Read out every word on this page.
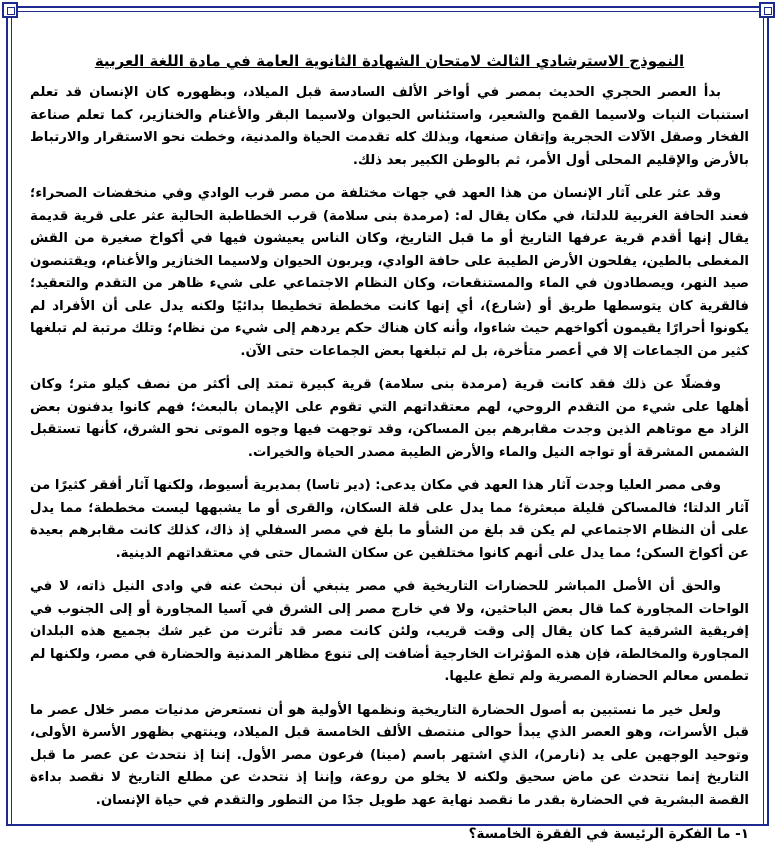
النموذج الاسترشادي الثالث لامتحان الشهادة الثانوية العامة في مادة اللغة العربية

بدأ العصر الحجري الحديث بمصر في أواخر الألف السادسة قبل الميلاد، وبظهوره كان الإنسان قد تعلم استنبات النبات ولاسيما القمح والشعير، واستئناس الحيوان ولاسيما البقر والأغنام والخنازير، كما تعلم صناعة الفخار وصقل الآلات الحجرية وإتقان صنعها، وبذلك كله تقدمت الحياة والمدنية، وخطت نحو الاستقرار والارتباط بالأرض والإقليم المحلى أول الأمر، ثم بالوطن الكبير بعد ذلك.

وقد عثر على آثار الإنسان من هذا العهد في جهات مختلفة من مصر قرب الوادي وفي منخفضات الصحراء؛ فعند الحافة الغربية للدلتا، في مكان يقال له: (مرمدة بنى سلامة) قرب الخطاطبة الحالية عثر على قرية قديمة يقال إنها أقدم قرية عرفها التاريخ أو ما قبل التاريخ، وكان الناس يعيشون فيها في أكواخ صغيرة من القش المغطى بالطين، يفلحون الأرض الطيبة على حافة الوادي، ويربون الحيوان ولاسيما الخنازير والأغنام، ويقتنصون صيد النهر، ويصطادون في الماء والمستنقعات، وكان النظام الاجتماعي على شيء ظاهر من التقدم والتعقيد؛ فالقرية كان يتوسطها طريق أو (شارع)، أي إنها كانت مخططة تخطيطا بدائيًا ولكنه يدل على أن الأفراد لم يكونوا أحرارًا يقيمون أكواخهم حيث شاءوا، وأنه كان هناك حكم يردهم إلى شيء من نظام؛ وتلك مرتبة لم تبلغها كثير من الجماعات إلا في أعصر متأخرة، بل لم تبلغها بعض الجماعات حتى الآن.

وفضلًا عن ذلك فقد كانت قرية (مرمدة بنى سلامة) قرية كبيرة تمتد إلى أكثر من نصف كيلو متر؛ وكان أهلها على شيء من التقدم الروحي، لهم معتقداتهم التي تقوم على الإيمان بالبعث؛ فهم كانوا يدفنون بعض الزاد مع موتاهم الذين وجدت مقابرهم بين المساكن، وقد توجهت فيها وجوه الموتى نحو الشرق، كأنها تستقبل الشمس المشرقة أو تواجه النيل والماء والأرض الطيبة مصدر الحياة والخيرات.

وفى مصر العليا وجدت آثار هذا العهد في مكان يدعى: (دير تاسا) بمديرية أسيوط، ولكنها آثار أفقر كثيرًا من آثار الدلتا؛ فالمساكن قليلة مبعثرة؛ مما يدل على قلة السكان، والقرى أو ما يشبهها ليست مخططة؛ مما يدل على أن النظام الاجتماعي لم يكن قد بلغ من الشأو ما بلغ في مصر السفلي إذ ذاك، كذلك كانت مقابرهم بعيدة عن أكواخ السكن؛ مما يدل على أنهم كانوا مختلفين عن سكان الشمال حتى في معتقداتهم الدينية.

والحق أن الأصل المباشر للحضارات التاريخية في مصر ينبغي أن نبحث عنه في وادى النيل ذاته، لا في الواحات المجاورة كما قال بعض الباحثين، ولا في خارج مصر إلى الشرق في آسيا المجاورة أو إلى الجنوب في إفريقية الشرقية كما كان يقال إلى وقت قريب، ولئن كانت مصر قد تأثرت من غير شك بجميع هذه البلدان المجاورة والمخالطة، فإن هذه المؤثرات الخارجية أضافت إلى تنوع مظاهر المدنية والحضارة في مصر، ولكنها لم تطمس معالم الحضارة المصرية ولم تطغ عليها.

ولعل خير ما نستبين به أصول الحضارة التاريخية ونظمها الأولية هو أن نستعرض مدنيات مصر خلال عصر ما قبل الأسرات، وهو العصر الذي يبدأ حوالى منتصف الألف الخامسة قبل الميلاد، وينتهي بظهور الأسرة الأولى، وتوحيد الوجهين على يد (نارمر)، الذي اشتهر باسم (مينا) فرعون مصر الأول. إننا إذ نتحدث عن عصر ما قبل التاريخ إنما نتحدث عن ماض سحيق ولكنه لا يخلو من روعة، وإننا إذ نتحدث عن مطلع التاريخ لا نقصد بداءة القصة البشرية في الحضارة بقدر ما نقصد نهاية عهد طويل جدًا من التطور والتقدم في حياة الإنسان.

١- ما الفكرة الرئيسة في الفقرة الخامسة؟
